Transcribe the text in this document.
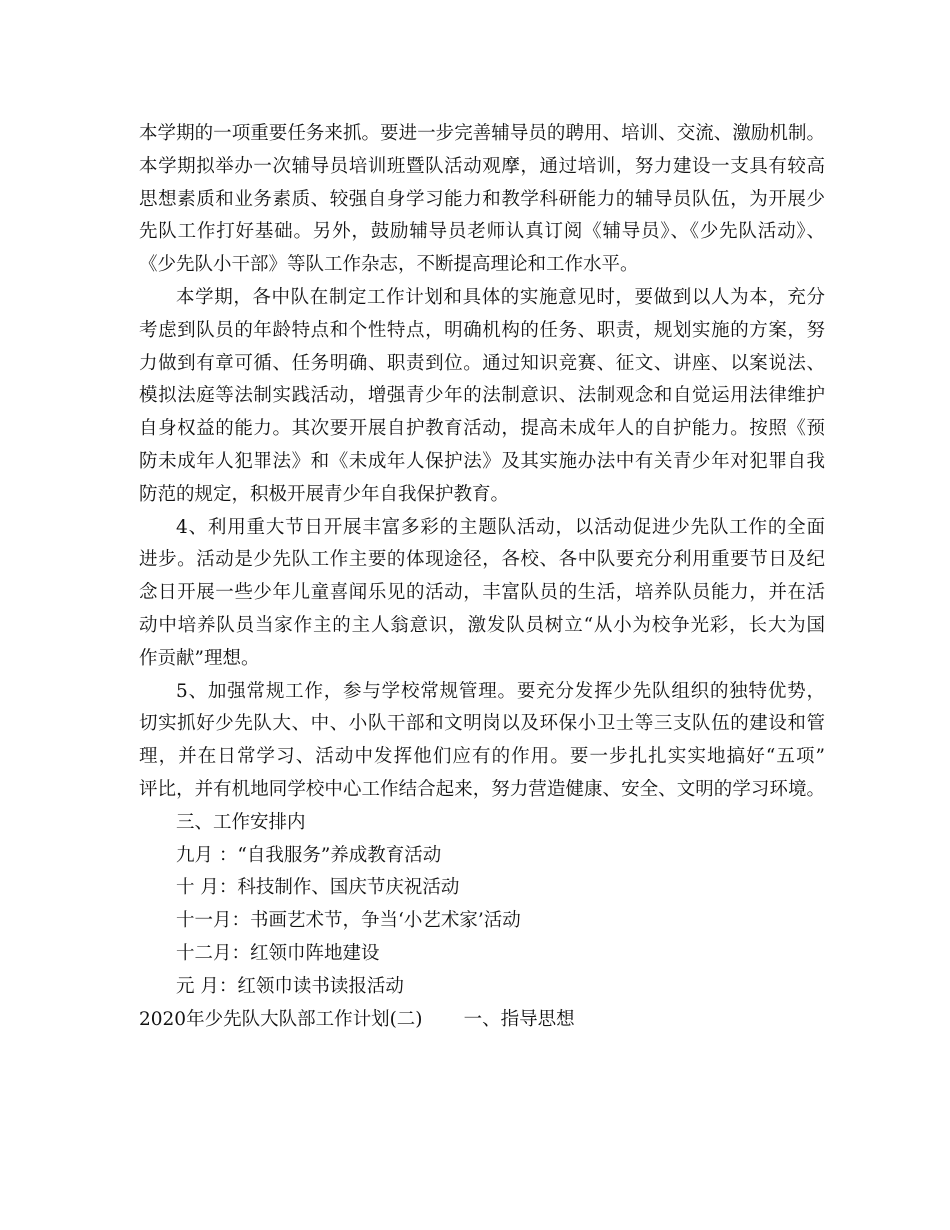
本学期的一项重要任务来抓。要进一步完善辅导员的聘用、培训、交流、激励机制。
本学期拟举办一次辅导员培训班暨队活动观摩，通过培训，努力建设一支具有较高
思想素质和业务素质、较强自身学习能力和教学科研能力的辅导员队伍，为开展少
先队工作打好基础。另外，鼓励辅导员老师认真订阅《辅导员》、《少先队活动》、
《少先队小干部》等队工作杂志，不断提高理论和工作水平。
本学期，各中队在制定工作计划和具体的实施意见时，要做到以人为本，充分
考虑到队员的年龄特点和个性特点，明确机构的任务、职责，规划实施的方案，努
力做到有章可循、任务明确、职责到位。通过知识竞赛、征文、讲座、以案说法、
模拟法庭等法制实践活动，增强青少年的法制意识、法制观念和自觉运用法律维护
自身权益的能力。其次要开展自护教育活动，提高未成年人的自护能力。按照《预
防未成年人犯罪法》和《未成年人保护法》及其实施办法中有关青少年对犯罪自我
防范的规定，积极开展青少年自我保护教育。
4、利用重大节日开展丰富多彩的主题队活动，以活动促进少先队工作的全面
进步。活动是少先队工作主要的体现途径，各校、各中队要充分利用重要节日及纪
念日开展一些少年儿童喜闻乐见的活动，丰富队员的生活，培养队员能力，并在活
动中培养队员当家作主的主人翁意识，激发队员树立“从小为校争光彩，长大为国
作贡献”理想。
5、加强常规工作，参与学校常规管理。要充分发挥少先队组织的独特优势，
切实抓好少先队大、中、小队干部和文明岗以及环保小卫士等三支队伍的建设和管
理，并在日常学习、活动中发挥他们应有的作用。要一步扎扎实实地搞好“五项”
评比，并有机地同学校中心工作结合起来，努力营造健康、安全、文明的学习环境。
三、工作安排内
九月 ：“自我服务”养成教育活动
十 月：科技制作、国庆节庆祝活动
十一月：书画艺术节，争当‘小艺术家’活动
十二月：红领巾阵地建设
元 月：红领巾读书读报活动
2020年少先队大队部工作计划(二)       一、指导思想
